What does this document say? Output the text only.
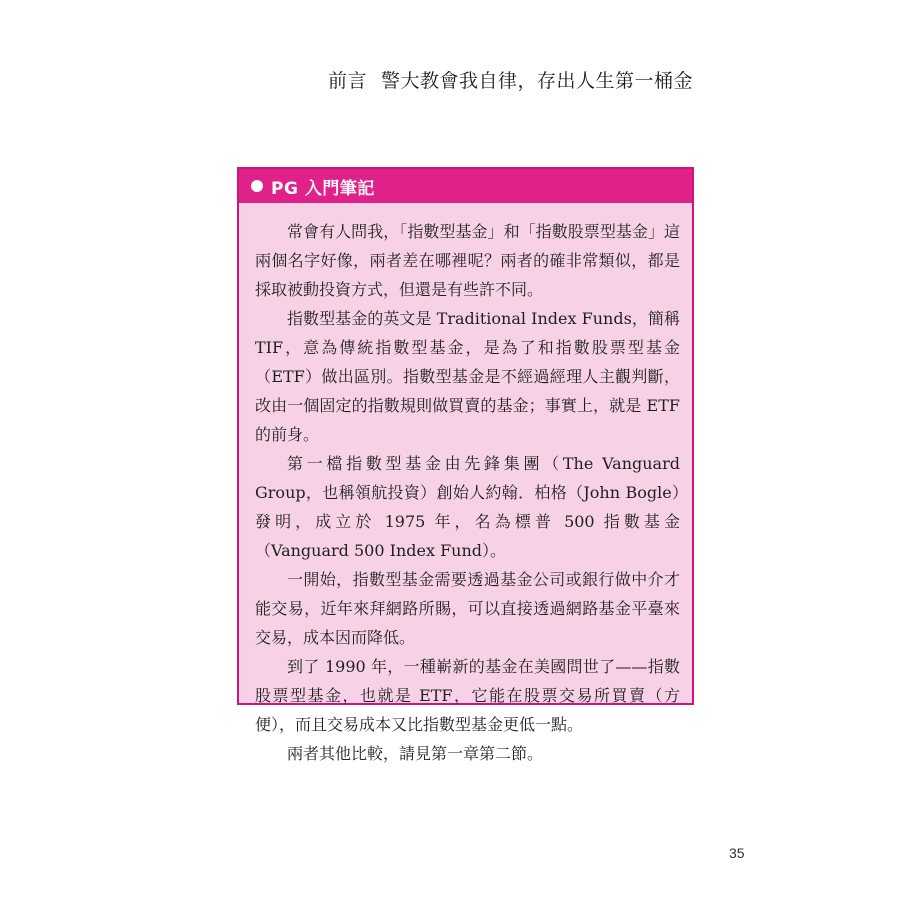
前言 警大教會我自律，存出人生第一桶金
PG 入門筆記

常會有人問我，「指數型基金」和「指數股票型基金」這兩個名字好像，兩者差在哪裡呢？兩者的確非常類似，都是採取被動投資方式，但還是有些許不同。

指數型基金的英文是 Traditional Index Funds，簡稱 TIF，意為傳統指數型基金，是為了和指數股票型基金（ETF）做出區別。指數型基金是不經過經理人主觀判斷，改由一個固定的指數規則做買賣的基金；事實上，就是 ETF 的前身。

第一檔指數型基金由先鋒集團（The Vanguard Group，也稱領航投資）創始人約翰．柏格（John Bogle）發明，成立於 1975 年，名為標普 500 指數基金（Vanguard 500 Index Fund）。

一開始，指數型基金需要透過基金公司或銀行做中介才能交易，近年來拜網路所賜，可以直接透過網路基金平臺來交易，成本因而降低。

到了 1990 年，一種嶄新的基金在美國問世了——指數股票型基金，也就是 ETF，它能在股票交易所買賣（方便），而且交易成本又比指數型基金更低一點。

兩者其他比較，請見第一章第二節。

35
